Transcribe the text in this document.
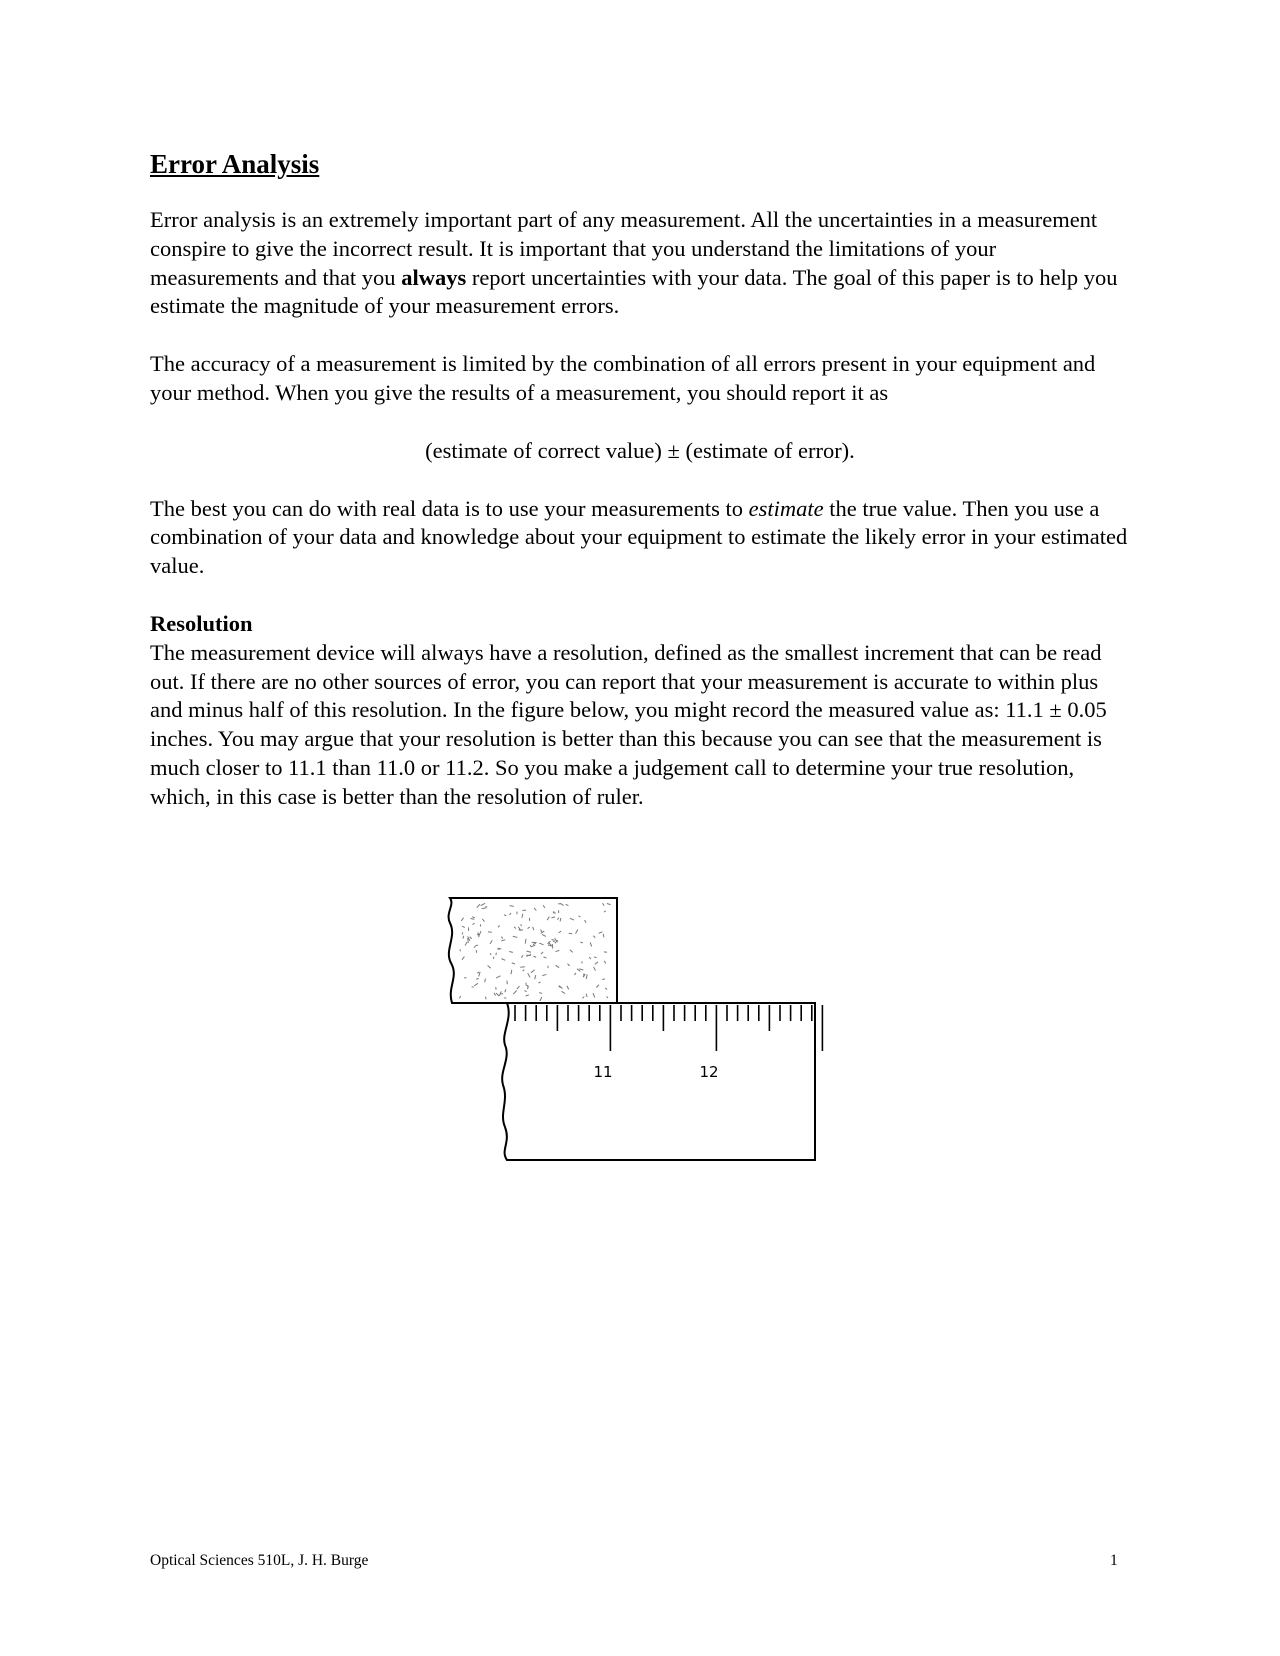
Error Analysis

Error analysis is an extremely important part of any measurement. All the uncertainties in a measurement conspire to give the incorrect result. It is important that you understand the limitations of your measurements and that you always report uncertainties with your data. The goal of this paper is to help you estimate the magnitude of your measurement errors.

The accuracy of a measurement is limited by the combination of all errors present in your equipment and your method. When you give the results of a measurement, you should report it as

(estimate of correct value) ± (estimate of error).

The best you can do with real data is to use your measurements to estimate the true value. Then you use a combination of your data and knowledge about your equipment to estimate the likely error in your estimated value.

Resolution

The measurement device will always have a resolution, defined as the smallest increment that can be read out. If there are no other sources of error, you can report that your measurement is accurate to within plus and minus half of this resolution. In the figure below, you might record the measured value as: 11.1 ± 0.05 inches. You may argue that your resolution is better than this because you can see that the measurement is much closer to 11.1 than 11.0 or 11.2. So you make a judgement call to determine your true resolution, which, in this case is better than the resolution of ruler.

11	12
Optical Sciences 510L, J. H. Burge	1
